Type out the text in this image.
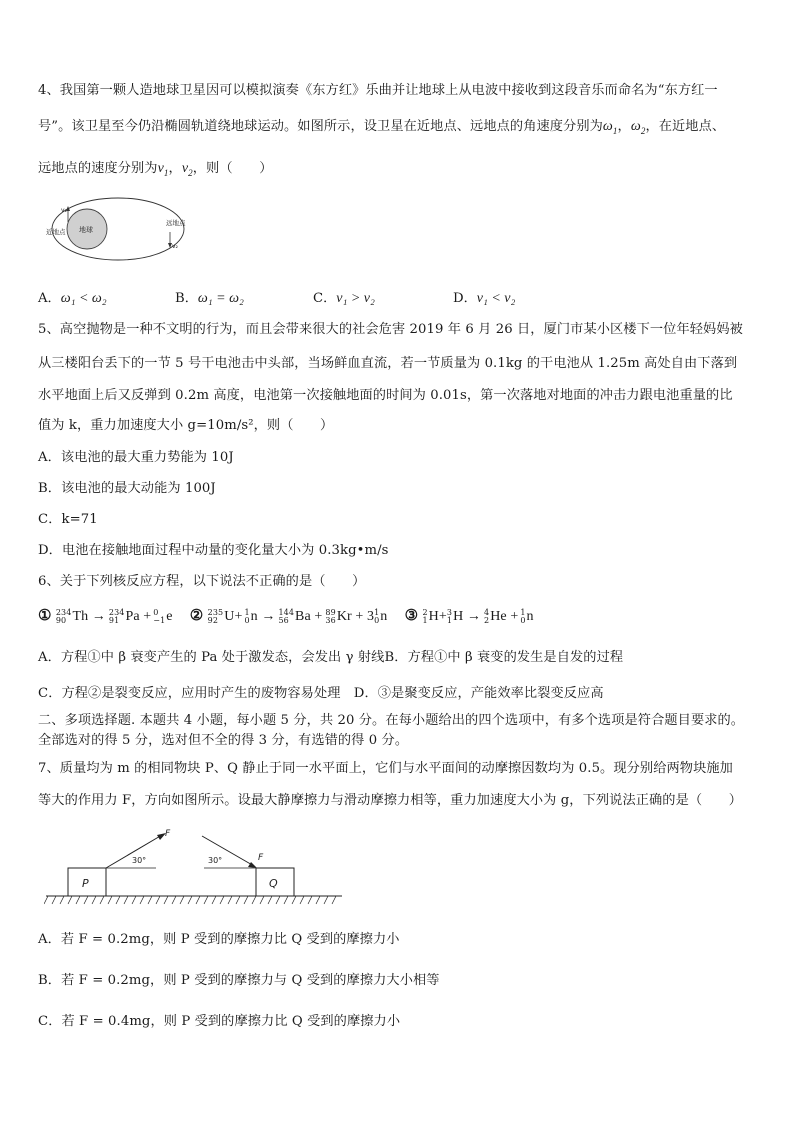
4、我国第一颗人造地球卫星因可以模拟演奏《东方红》乐曲并让地球上从电波中接收到这段音乐而命名为“东方红一
号”。该卫星至今仍沿椭圆轨道绕地球运动。如图所示，设卫星在近地点、远地点的角速度分别为$\omega_1$，$\omega_2$，在近地点、
远地点的速度分别为$v_1$，$v_2$，则（　　）
地球
v₁
近地点
v₂
远地点
A．ω₁ < ω₂	B．ω₁ = ω₂	C．v₁ > v₂	D．v₁ < v₂
5、高空抛物是一种不文明的行为，而且会带来很大的社会危害 2019 年 6 月 26 日，厦门市某小区楼下一位年轻妈妈被
从三楼阳台丢下的一节 5 号干电池击中头部，当场鲜血直流，若一节质量为 0.1kg 的干电池从 1.25m 高处自由下落到
水平地面上后又反弹到 0.2m 高度，电池第一次接触地面的时间为 0.01s，第一次落地对地面的冲击力跟电池重量的比
值为 k，重力加速度大小 g=10m/s²，则（　　）
A．该电池的最大重力势能为 10J
B．该电池的最大动能为 100J
C．k=71
D．电池在接触地面过程中动量的变化量大小为 0.3kg•m/s
6、关于下列核反应方程，以下说法不正确的是（　　）
① 234
90 Th → 234
91 Pa + 0
−1 e ② 235
92 U + 1
0 n → 144
56 Ba + 89
36 Kr + 3 1
0 n ③ 2
1 H + 3
1 H → 4
2 He + 1
0 n
A．方程①中 β 衰变产生的 Pa 处于激发态，会发出 γ 射线B．方程①中 β 衰变的发生是自发的过程
C．方程②是裂变反应，应用时产生的废物容易处理　D．③是聚变反应，产能效率比裂变反应高
二、多项选择题. 本题共 4 小题，每小题 5 分，共 20 分。在每小题给出的四个选项中，有多个选项是符合题目要求的。
全部选对的得 5 分，选对但不全的得 3 分，有选错的得 0 分。
7、质量均为 m 的相同物块 P、Q 静止于同一水平面上，它们与水平面间的动摩擦因数均为 0.5。现分别给两物块施加
等大的作用力 F，方向如图所示。设最大静摩擦力与滑动摩擦力相等，重力加速度大小为 g，下列说法正确的是（　　）
P
F
30°
Q
F
30°
A．若 F = 0.2mg，则 P 受到的摩擦力比 Q 受到的摩擦力小
B．若 F = 0.2mg，则 P 受到的摩擦力与 Q 受到的摩擦力大小相等
C．若 F = 0.4mg，则 P 受到的摩擦力比 Q 受到的摩擦力小
